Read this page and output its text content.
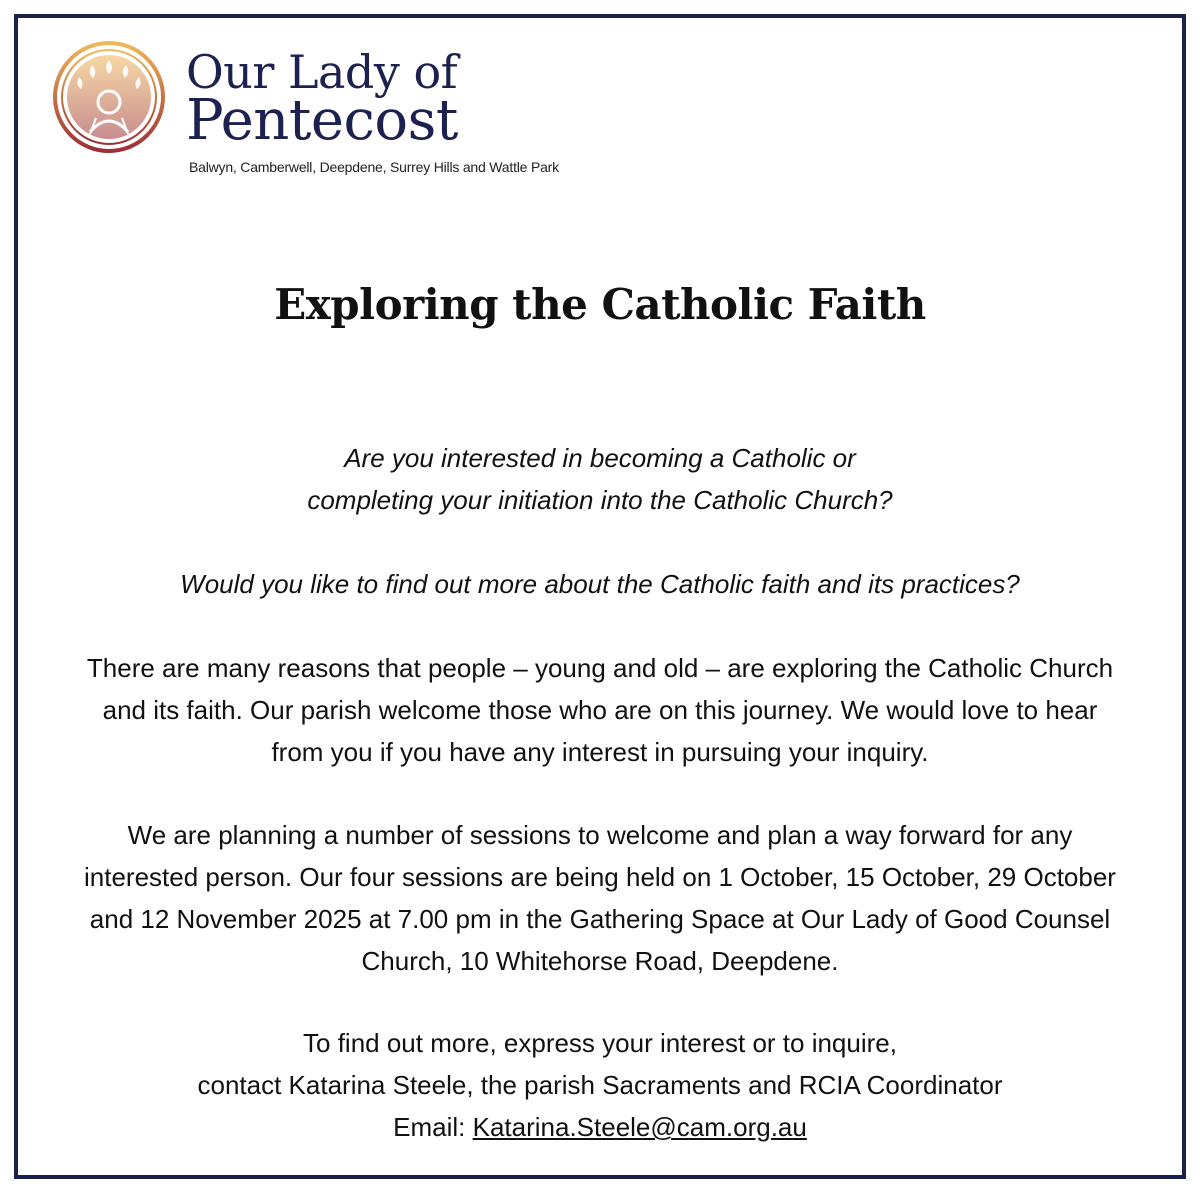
Our Lady of
Pentecost
Balwyn, Camberwell, Deepdene, Surrey Hills and Wattle Park
Exploring the Catholic Faith
Are you interested in becoming a Catholic or
completing your initiation into the Catholic Church?
Would you like to find out more about the Catholic faith and its practices?
There are many reasons that people – young and old – are exploring the Catholic Church
and its faith. Our parish welcome those who are on this journey. We would love to hear
from you if you have any interest in pursuing your inquiry.
We are planning a number of sessions to welcome and plan a way forward for any
interested person. Our four sessions are being held on 1 October, 15 October, 29 October
and 12 November 2025 at 7.00 pm in the Gathering Space at Our Lady of Good Counsel
Church, 10 Whitehorse Road, Deepdene.
To find out more, express your interest or to inquire,
contact Katarina Steele, the parish Sacraments and RCIA Coordinator
Email: Katarina.Steele@cam.org.au
